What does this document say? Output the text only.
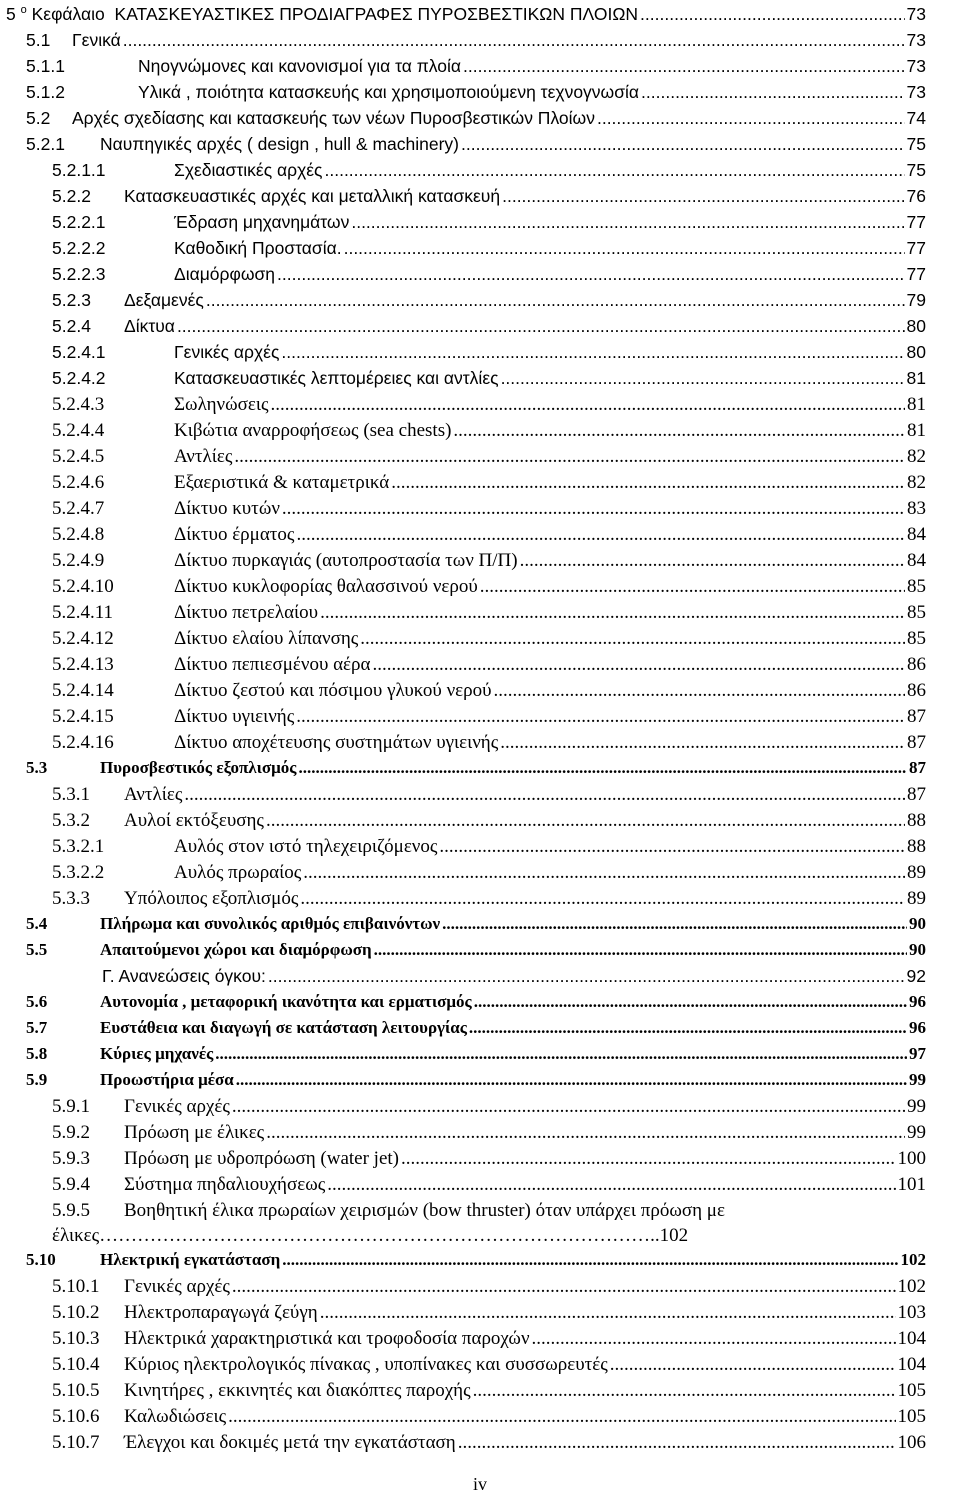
5 $^o$ Κεφάλαιο ΚΑΤΑΣΚΕΥΑΣΤΙΚΕΣ ΠΡΟΔΙΑΓΡΑΦΕΣ ΠΥΡΟΣΒΕΣΤΙΚΩΝ ΠΛΟΙΩΝ .....	73
5.1	Γενικά .....	73
5.1.1	Νηογνώμονες και κανονισμοί για τα πλοία .....	73
5.1.2	Υλικά , ποιότητα κατασκευής και χρησιμοποιούμενη τεχνογνωσία .....	73
5.2	Αρχές σχεδίασης και κατασκευής των νέων Πυροσβεστικών Πλοίων .....	74
5.2.1	Ναυπηγικές αρχές ( design , hull & machinery) .....	75
5.2.1.1	Σχεδιαστικές αρχές .....	75
5.2.2	Κατασκευαστικές αρχές και μεταλλική κατασκευή .....	76
5.2.2.1	Έδραση μηχανημάτων .....	77
5.2.2.2	Καθοδική Προστασία. .....	77
5.2.2.3	Διαμόρφωση .....	77
5.2.3	Δεξαμενές .....	79
5.2.4	Δίκτυα .....	80
5.2.4.1	Γενικές αρχές .....	80
5.2.4.2	Κατασκευαστικές λεπτομέρειες και αντλίες .....	81
5.2.4.3	Σωληνώσεις .....	81
5.2.4.4	Κιβώτια αναρροφήσεως (sea chests) .....	81
5.2.4.5	Αντλίες .....	82
5.2.4.6	Εξαεριστικά & καταμετρικά .....	82
5.2.4.7	Δίκτυο κυτών .....	83
5.2.4.8	Δίκτυο έρματος .....	84
5.2.4.9	Δίκτυο πυρκαγιάς (αυτοπροστασία των Π/Π) .....	84
5.2.4.10	Δίκτυο κυκλοφορίας θαλασσινού νερού .....	85
5.2.4.11	Δίκτυο πετρελαίου .....	85
5.2.4.12	Δίκτυο ελαίου λίπανσης .....	85
5.2.4.13	Δίκτυο πεπιεσμένου αέρα .....	86
5.2.4.14	Δίκτυο ζεστού και πόσιμου γλυκού νερού .....	86
5.2.4.15	Δίκτυο υγιεινής .....	87
5.2.4.16	Δίκτυο αποχέτευσης συστημάτων υγιεινής .....	87
5.3	Πυροσβεστικός εξοπλισμός .....	87
5.3.1	Αντλίες .....	87
5.3.2	Αυλοί εκτόξευσης .....	88
5.3.2.1	Αυλός στον ιστό τηλεχειριζόμενος .....	88
5.3.2.2	Αυλός πρωραίος .....	89
5.3.3	Υπόλοιπος εξοπλισμός .....	89
5.4	Πλήρωμα και συνολικός αριθμός επιβαινόντων .....	90
5.5	Απαιτούμενοι χώροι και διαμόρφωση .....	90
Γ. Ανανεώσεις όγκου: .....	92
5.6	Αυτονομία , μεταφορική ικανότητα και ερματισμός .....	96
5.7	Ευστάθεια και διαγωγή σε κατάσταση λειτουργίας .....	96
5.8	Κύριες μηχανές .....	97
5.9	Προωστήρια μέσα .....	99
5.9.1	Γενικές αρχές .....	99
5.9.2	Πρόωση με έλικες .....	99
5.9.3	Πρόωση με υδροπρόωση (water jet) .....	100
5.9.4	Σύστημα πηδαλιουχήσεως .....	101
5.9.5	Βοηθητική έλικα πρωραίων χειρισμών (bow thruster) όταν υπάρχει πρόωση με
έλικες……………………………………………………………………………..102
5.10	Ηλεκτρική εγκατάσταση .....	102
5.10.1	Γενικές αρχές .....	102
5.10.2	Ηλεκτροπαραγωγά ζεύγη .....	103
5.10.3	Ηλεκτρικά χαρακτηριστικά και τροφοδοσία παροχών .....	104
5.10.4	Κύριος ηλεκτρολογικός πίνακας , υποπίνακες και συσσωρευτές .....	104
5.10.5	Κινητήρες , εκκινητές και διακόπτες παροχής .....	105
5.10.6	Καλωδιώσεις .....	105
5.10.7	Έλεγχοι και δοκιμές μετά την εγκατάσταση .....	106
iv
